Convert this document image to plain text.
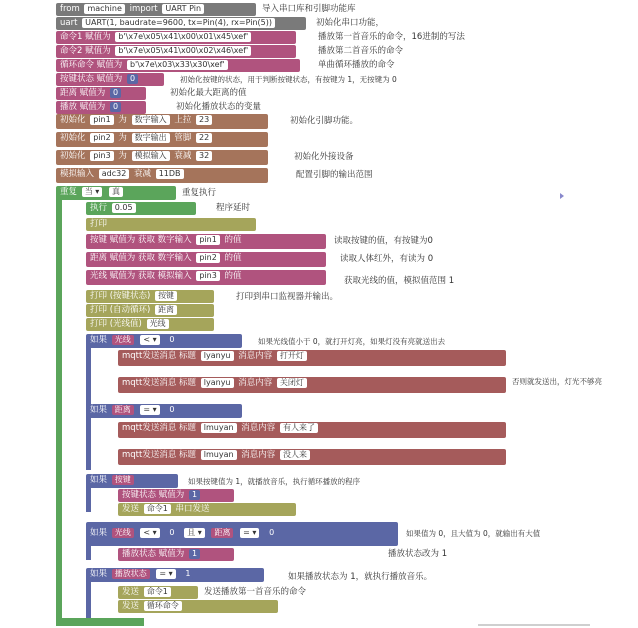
from machine import UART Pin	导入串口库和引脚功能库
uart UART(1, baudrate=9600, tx=Pin(4), rx=Pin(5))	初始化串口功能，
命令1 赋值为 b'\x7e\x05\x41\x00\x01\x45\xef'	播放第一首音乐的命令，16进制的写法
命令2 赋值为 b'\x7e\x05\x41\x00\x02\x46\xef'	播放第二首音乐的命令
循环命令 赋值为 b'\x7e\x03\x33\x30\xef'	单曲循环播放的命令
按键状态 赋值为 0	初始化按键的状态，用于判断按键状态，有按键为 1，无按键为 0
距离 赋值为 0	初始化最大距离的值
播放 赋值为 0	初始化播放状态的变量
初始化 pin1 为 数字输入 上拉 23	初始化引脚功能。
初始化 pin2 为 数字输出 管脚 22
初始化 pin3 为 模拟输入 衰减 32	初始化外接设备
模拟输入 adc32 衰减 11DB	配置引脚的输出范围
重复 当 ▾ 真	重复执行
执行	执行 0.05	程序延时
打印
按键 赋值为 获取 数字输入 pin1 的值	读取按键的值，有按键为0
距离 赋值为 获取 数字输入 pin2 的值	读取人体红外，有读为 0
光线 赋值为 获取 模拟输入 pin3 的值	获取光线的值，模拟值范围 1
打印 (按键状态) 按键	打印到串口监视器并输出。
打印 (自动循环) 距离
打印 (光线值) 光线
如果 光线 < ▾ 0	如果光线值小于 0，就打开灯亮，如果灯没有亮就送出去
执行	mqtt发送消息 标题 lyanyu 消息内容 打开灯
否则	mqtt发送消息 标题 lyanyu 消息内容 关闭灯	否则就发送出，灯光不够亮
如果 距离 = ▾ 0
执行	mqtt发送消息 标题 lmuyan 消息内容 有人来了
否则	mqtt发送消息 标题 lmuyan 消息内容 没人来
如果 按键	如果按键值为 1，就播放音乐，执行循环播放的程序
执行	按键状态 赋值为 1
发送 命令1 串口发送
如果 光线 < ▾ 0 且 ▾ 距离 = ▾ 0	如果值为 0，且大值为 0，就输出有大值
执行	播放状态 赋值为 1	播放状态改为 1
如果 播放状态 = ▾ 1	如果播放状态为 1，就执行播放音乐。
执行	发送 命令1	发送播放第一首音乐的命令
发送 循环命令
